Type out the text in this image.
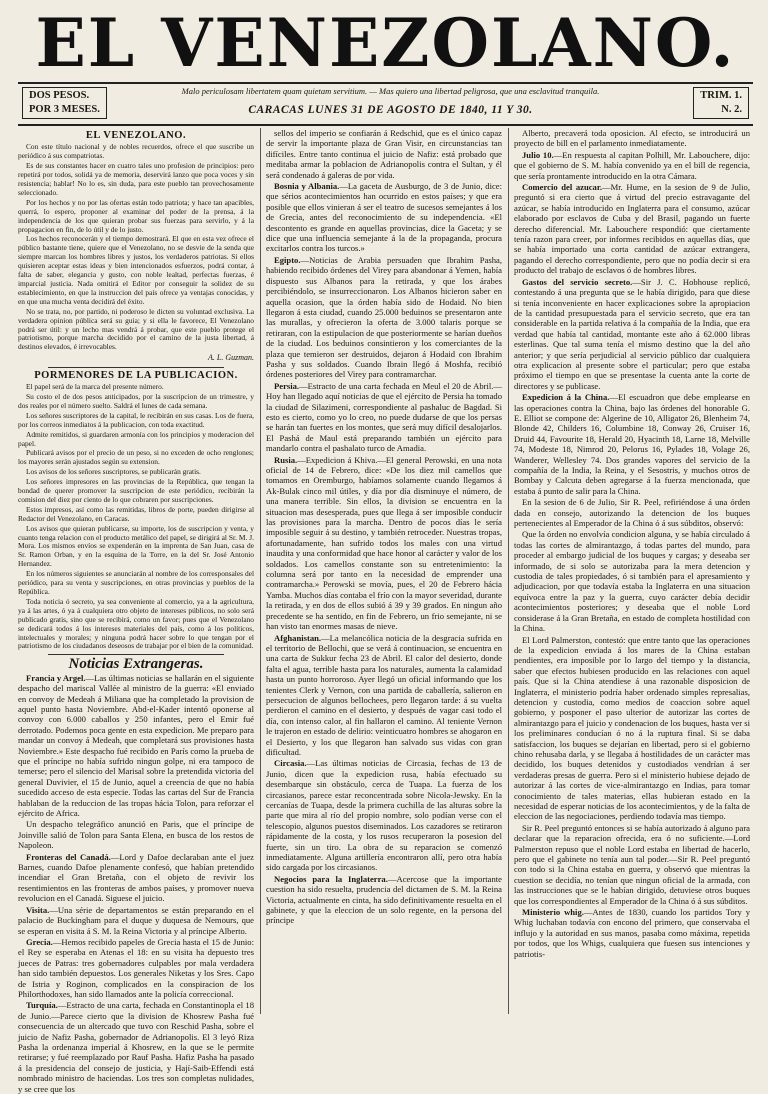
EL VENEZOLANO.
DOS PESOS.
POR 3 MESES.
Malo periculosam libertatem quam quietam servitium. — Mas quiero una libertad peligrosa, que una esclavitud tranquila.
CARACAS LUNES 31 DE AGOSTO DE 1840, 11 Y 30.
TRIM. 1.
N. 2.
EL VENEZOLANO.

Con este título nacional y de nobles recuerdos, ofrece el que suscribe un periódico á sus compatriotas.

Es de sus constantes hacer en cuatro tales uno profesion de principios: pero repetirá por todos, solidá ya de memoria, deservirá lanzo que poca voces y sin resistencia; hablar! No lo es, sin duda, para este pueblo tan provechosamente seleccionado.

Por los hechos y no por las ofertas están todo patriota; y hace tan apacibles, querrá, lo espero, proponer al examinar del poder de la prensa, á la independencia de los que quieran probar sus fuerzas para servirlo, y á la propagacion en fin, de lo útil y de lo justo.

Los hechos reconocerán y el tiempo demostrará. El que en esta vez ofrece el público bastante tiene, quiere que el Venezolano, no se desvie de la senda que siempre marcan los hombres libres y justos, los verdaderos patriotas. Si ellos quisieren aceptar estas ideas y bien intencionados esfuerzos, podrá contar, á falta de saber, elegancia y gusto, con noble lealtad, perfectas fuerzas, é imparcial justicia. Nada omitirá el Editor por conseguir la solidez de su establecimiento, en que la instruccion del país ofrece ya ventajas conocidas, y en que una mucha venta decidirá del éxito.

No se trata, no, por partido, ni poderoso le dicten su voluntad exclusiva. La verdadera opinion pública será su guia; y si ella le favorece, El Venezolano podrá ser útil: y un lecho mas vendrá á probar, que este pueblo protege el patriotismo, porque marcha decidido por el camino de la justa libertad, á destinos elevados, é irrevocables.

A. L. Guzman.
PORMENORES DE LA PUBLICACION.

El papel será de la marca del presente número.

Su costo el de dos pesos anticipados, por la suscripcion de un trimestre, y dos reales por el número suelto. Saldrá el lunes de cada semana.

Los señores suscriptores de la capital, le recibirán en sus casas. Los de fuera, por los correos inmediatos á la publicacion, con toda exactitud.

Admite remitidos, si guardaren armonía con los principios y moderacion del papel.

Publicará avisos por el precio de un peso, si no exceden de ocho renglones; los mayores serán ajustados según su extension.

Los avisos de los señores suscriptores, se publicarán gratis.

Los señores impresores en las provincias de la República, que tengan la bondad de querer promover la suscripcion de este periódico, recibirán la comision del diez por ciento de lo que cobraren por suscripciones.

Estos impresos, así como las remitidas, libros de porte, pueden dirigirse al Redactor del Venezolano, en Caracas.

Los avisos que quieran publicarse, su importe, los de suscripcion y venta, y cuanto tenga relacion con el producto metálico del papel, se dirigirá al Sr. M. J. Mora. Los mismos envíos se expenderán en la imprenta de San Juan, casa de Sr. Ramon Orban, y en la esquina de la Torre, en la del Sr. José Antonio Hernandez.

En los números siguientes se anunciarán al nombre de los corresponsales del periódico, para su venta y suscripciones, en otras provincias y pueblos de la República.

Toda noticia ó secreto, ya sea conveniente al comercio, ya a la agricultura, ya á las artes, ó ya á cualquiera otro objeto de intereses públicos, no solo será publicado gratis, sino que se recibirá, como un favor; pues que el Venezolano se dedicará todos á los intereses materiales del país, como á los políticos, intelectuales y morales; y ninguna podrá hacer sobre lo que tengan por el patriotismo de los ciudadanos deseosos de trabajar por el bien de la comunidad.

Noticias Extrangeras.

Francia y Argel.—Las últimas noticias se hallarán en el siguiente despacho del mariscal Vallée al ministro de la guerra: «El enviado en convoy de Medeah á Miliana que ha completado la provision de aquel punto hasta Noviembre. Abd-el-Kader intentó oponerse al convoy con 6.000 caballos y 250 infantes, pero el Emir fué derrotado. Podemos poca gente en esta expedicion. Me preparo para mandar un convoy á Medeah, que completará sus provisiones hasta Noviembre.» Este despacho fué recibido en París como la prueba de que el príncipe no había sufrido ningun golpe, ni era tampoco de temerse; pero el silencio del Marisal sobre la pretendida victoria del general Duvivier, el 15 de Junio, aquel a creencia de que no había sucedido acceso de esta especie. Todas las cartas del Sur de Francia hablaban de la reduccion de las tropas hácia Tolon, para reforzar el ejército de Africa.

Un despacho telegráfico anunció en Paris, que el príncipe de Joinville salió de Tolon para Santa Elena, en busca de los restos de Napoleon.

Fronteras del Canadá.—Lord y Dafoe declaraban ante el juez Barnes, cuando Dafoe plenamente confesó, que habían pretendido incendiar el Gran Bretaña, con el objeto de revivir los resentimientos en las fronteras de ambos países, y promover nueva revolucion en el Canadá. Siguese el juicio.

Visita.—Una série de departamentos se están preparando en el palacio de Buckingham para el duque y duquesa de Nemours, que se esperan en visita á S. M. la Reina Victoria y al príncipe Alberto.

Grecia.—Hemos recibido papeles de Grecia hasta el 15 de Junio: el Rey se esperaba en Atenas el 18: en su visita ha depuesto tres jueces de Patras: tres gobernadores culpables por mala verdadera han sido también depuestos. Los generales Niketas y los Sres. Capo de Istria y Roginon, complicados en la conspiracion de los Philorthodoxes, han sido llamados ante la policía correccional.

Turquía.—Estracto de una carta, fechada en Constantinopla el 18 de Junio.—Parece cierto que la division de Khosrew Pasha fué consecuencia de un altercado que tuvo con Reschid Pasha, sobre el juicio de Nafiz Pasha, gobernador de Adrianopolis. El 3 leyó Riza Pasha la ordenanza imperial á Khosrew, en la que se le permite retirarse; y fué reemplazado por Rauf Pasha. Hafiz Pasha ha pasado á la presidencia del consejo de justicia, y Hají-Saib-Effendi está nombrado ministro de haciendas. Los tres son completas nulidades, y se cree que los

sellos del imperio se confiarán á Redschid, que es el único capaz de servir la importante plaza de Gran Visir, en circunstancias tan difíciles. Entre tanto continua el juicio de Nafiz: está probado que meditaba armar la poblacion de Adrianopolis contra el Sultan, y él será condenado á galeras de por vida.

Bosnia y Albania.—La gaceta de Ausburgo, de 3 de Junio, dice: que sérios acontecimientos han ocurrido en estos países; y que era posible que ellos vinieran á ser el teatro de sucesos semejantes á los de Grecia, antes del reconocimiento de su independencia. «El descontento es grande en aquellas provincias, dice la Gaceta; y se dice que una influencia semejante á la de la propaganda, procura excitarlos contra los turcos.»

Egipto.—Noticias de Arabia persuaden que Ibrahim Pasha, habiendo recibido órdenes del Virey para abandonar á Yemen, había dispuesto sus Albanos para la retirada, y que los árabes percibiéndolo, se insurreccionaron. Los Albanos hicieron saber en aquella ocasion, que la órden había sido de Hodaid. No bien llegaron á esta ciudad, cuando 25.000 beduinos se presentaron ante las murallas, y ofrecieron la oferta de 3.000 talaris porque se retiraran, con la estipulacion de que posteriormente se harían dueños de la ciudad. Los beduinos consintieron y los comerciantes de la plaza que temieron ser destruidos, dejaron á Hodaid con Ibrahim Pasha y sus soldados. Cuando Ibrain llegó á Moshfa, recibió órdenes posteriores del Virey para contramarchar.

Persia.—Estracto de una carta fechada en Meul el 20 de Abril.—Hoy han llegado aquí noticias de que el ejército de Persia ha tomado la ciudad de Silazimeni, correspondiente al pashaluc de Bagdad. Si esto es cierto, como yo lo creo, no puede dudarse de que los persas se harán tan fuertes en los montes, que será muy difícil desalojarlos. El Pashá de Maul está preparando también un ejército para mandarlo contra el pashalato turco de Amadia.

Rusia.—Expedicion á Khiva.—El general Perowski, en una nota oficial de 14 de Febrero, dice: «De los diez mil camellos que tomamos en Oremburgo, habíamos solamente cuando llegamos á Ak-Bulak cinco mil útiles, y día por día disminuye el número, de una manera terrible. Sin ellos, la division se encuentra en la situacion mas desesperada, pues que llega á ser imposible conducir las provisiones para la marcha. Dentro de pocos días le sería imposible seguir á su destino, y también retroceder. Nuestras tropas, afortunadamente, han sufrido todos los males con una virtud inaudita y una conformidad que hace honor al carácter y valor de los soldados. Los camellos constante son su entretenimiento: la columna será por tanto en la necesidad de emprender una contramarcha.» Perowski se movía, pues, el 20 de Febrero hácia Yamba. Muchos días contaba el frío con la mayor severidad, durante la retirada, y en dos de ellos subió á 39 y 39 grados. En ningun año precedente se ha sentido, en fin de Febrero, un frio semejante, ni se han visto tan enormes masas de nieve.

Afghanistan.—La melancólica noticia de la desgracia sufrida en el territorio de Bellochi, que se verá á continuacion, se encuentra en una carta de Sukkur fecha 23 de Abril. El calor del desierto, donde falta el agua, terrible hasta para los naturales, aumenta la calamidad hasta un punto horroroso. Ayer llegó un oficial informando que los tenientes Clerk y Vernon, con una partida de caballería, salieron en persecucion de algunos bellochees, pero llegaron tarde: á su vuelta perdieron el camino en el desierto, y después de vagar casi todo el día, con intenso calor, al fin hallaron el camino. Al teniente Vernon le trajeron en estado de delirio: veinticuatro hombres se ahogaron en el Desierto, y los que llegaron han salvado sus vidas con gran dificultad.

Circasia.—Las últimas noticias de Circasia, fechas de 13 de Junio, dicen que la expedicion rusa, había efectuado su desembarque sin obstáculo, cerca de Tuapa. La fuerza de los circasianos, parece estar reconcentrada sobre Nicola-Jewsky. En la cercanías de Tuapa, desde la primera cuchilla de las alturas sobre la parte que mira al río del propio nombre, solo podían verse con el telescopio, algunos puestos diseminados. Los cazadores se retiraron rápidamente de la costa, y los rusos recuperaron la posesion del fuerte, sin un tiro. La obra de su reparacion se comenzó inmediatamente. Alguna artillería encontraron allí, pero otra había sido cargada por los circasianos.

Negocios para la Inglaterra.—Acercose que la importante cuestion ha sido resuelta, prudencia del dictamen de S. M. la Reina Victoria, actualmente en cinta, ha sido definitivamente resuelta en el gabinete, y que la eleccion de un solo regente, en la persona del príncipe

Alberto, precaverá toda oposicion. Al efecto, se introducirá un proyecto de bill en el parlamento inmediatamente.

Julio 10.—En respuesta al capitan Polhill, Mr. Labouchere, dijo: que el gobierno de S. M. había convenido ya en el bill de regencia, que sería prontamente introducido en la otra Cámara.

Comercio del azucar.—Mr. Hume, en la sesion de 9 de Julio, preguntó si era cierto que á virtud del precio estravagante del azúcar, se había introducido en Inglaterra para el consumo, azúcar elaborado por esclavos de Cuba y del Brasil, pagando un fuerte derecho diferencial. Mr. Labouchere respondió: que ciertamente tenía razon para creer, por informes recibidos en aquellas días, que se había importado una corta cantidad de azúcar extrangera, pagando el derecho correspondiente, pero que no podía decir si era producto del trabajo de esclavos ó de hombres libres.

Gastos del servicio secreto.—Sir J. C. Hobhouse replicó, contestando á una pregunta que se le había dirigido, para que diese si tenía inconveniente en hacer explicaciones sobre la apropiacion de la cantidad presupuestada para el servicio secreto, que era tan considerable en la partida relativa á la compañía de la India, que era verdad que había tal cantidad, montante este año á 62.000 libras esterlinas. Que tal suma tenía el mismo destino que la del año anterior; y que sería perjudicial al servicio público dar cualquiera otra explicacion al presente sobre el particular; pero que estaba próximo el tiempo en que se presentase la cuenta ante la corte de directores y se publicase.

Expedicion á la China.—El escuadron que debe emplearse en las operaciones contra la China, bajo las órdenes del honorable G. E. Elliot se compone de: Algerine de 10, Alligator 26, Blenheim 74, Blonde 42, Childers 16, Columbine 18, Conway 26, Cruiser 16, Druid 44, Favourite 18, Herald 20, Hyacinth 18, Larne 18, Melville 74, Modeste 18, Nimrod 20, Pelorus 16, Pylades 18, Volage 26, Wanderer, Wellesley 74. Dos grandes vapores del servicio de la compañía de la India, la Reina, y el Sesostris, y muchos otros de Bombay y Calcuta deben agregarse á la fuerza mencionada, que estaba á punto de salir para la China.

En la sesion de 6 de Julio, Sir R. Peel, refiriéndose á una órden dada en consejo, autorizando la detencion de los buques pertenecientes al Emperador de la China ó á sus súbditos, observó:

Que la órden no envolvía condicion alguna, y se había circulado á todas las cortes de almirantazgo, á todas partes del mundo, para proceder al embargo judicial de los buques y cargas; y deseaba ser informado, de si solo se autorizaba para la mera detencion y custodia de tales propiedades, ó si también para el apresamiento y adjudicacion, por que todavía estaba la Inglaterra en una situacion equívoca entre la paz y la guerra, cuyo carácter debía decidir acontecimientos posteriores; y deseaba que el noble Lord considerase á la Gran Bretaña, en estado de completa hostilidad con la China.

El Lord Palmerston, contestó: que entre tanto que las operaciones de la expedicion enviada á los mares de la China estaban pendientes, era imposible por lo largo del tiempo y la distancia, saber que efectos hubiesen producido en las relaciones con aquel país. Que si la China atendiese á una razonable disposicion de Inglaterra, el ministerio podría haber ordenado simples represalias, detencion y custodia, como medios de coaccion sobre aquel gobierno, y posponer el paso ulterior de autorizar las cortes de almirantazgo para el juicio y condenacion de los buques, hasta ver si los preliminares conducían ó no á la ruptura final. Si se daba satisfaccion, los buques se dejarían en libertad, pero si el gobierno chino rehusaba darla, y se llegaba á hostilidades de un carácter mas decidido, los buques detenidos y custodiados vendrían á ser verdaderas presas de guerra. Pero si el ministerio hubiese dejado de autorizar á las cortes de vice-almirantazgo en Indias, para tomar conocimiento de tales materias, ellas hubieran estado en la necesidad de esperar noticias de los acontecimientos, y de la falta de eleccion de las negociaciones, perdiendo todavía mas tiempo.

Sir R. Peel preguntó entonces si se había autorizado á alguno para declarar que la reparacion ofrecida, era ó no suficiente.—Lord Palmerston repuso que el noble Lord estaba en libertad de hacerlo, pero que el gabinete no tenía aun tal poder.—Sir R. Peel preguntó con todo si la China estaba en guerra, y observó que mientras la cuestion se decidía, no tenían que ningun oficial de la armada, con las instrucciones que se le habían dirigido, detuviese otros buques que los correspondientes al Emperador de la China ó á sus súbditos.

Ministerio whig.—Antes de 1830, cuando los partidos Tory y Whig luchaban todavía con encono del primero, que conservaba el influjo y la autoridad en sus manos, pasaba como máxima, repetida por todos, que los Whigs, cualquiera que fuesen sus intenciones y patriotis-
